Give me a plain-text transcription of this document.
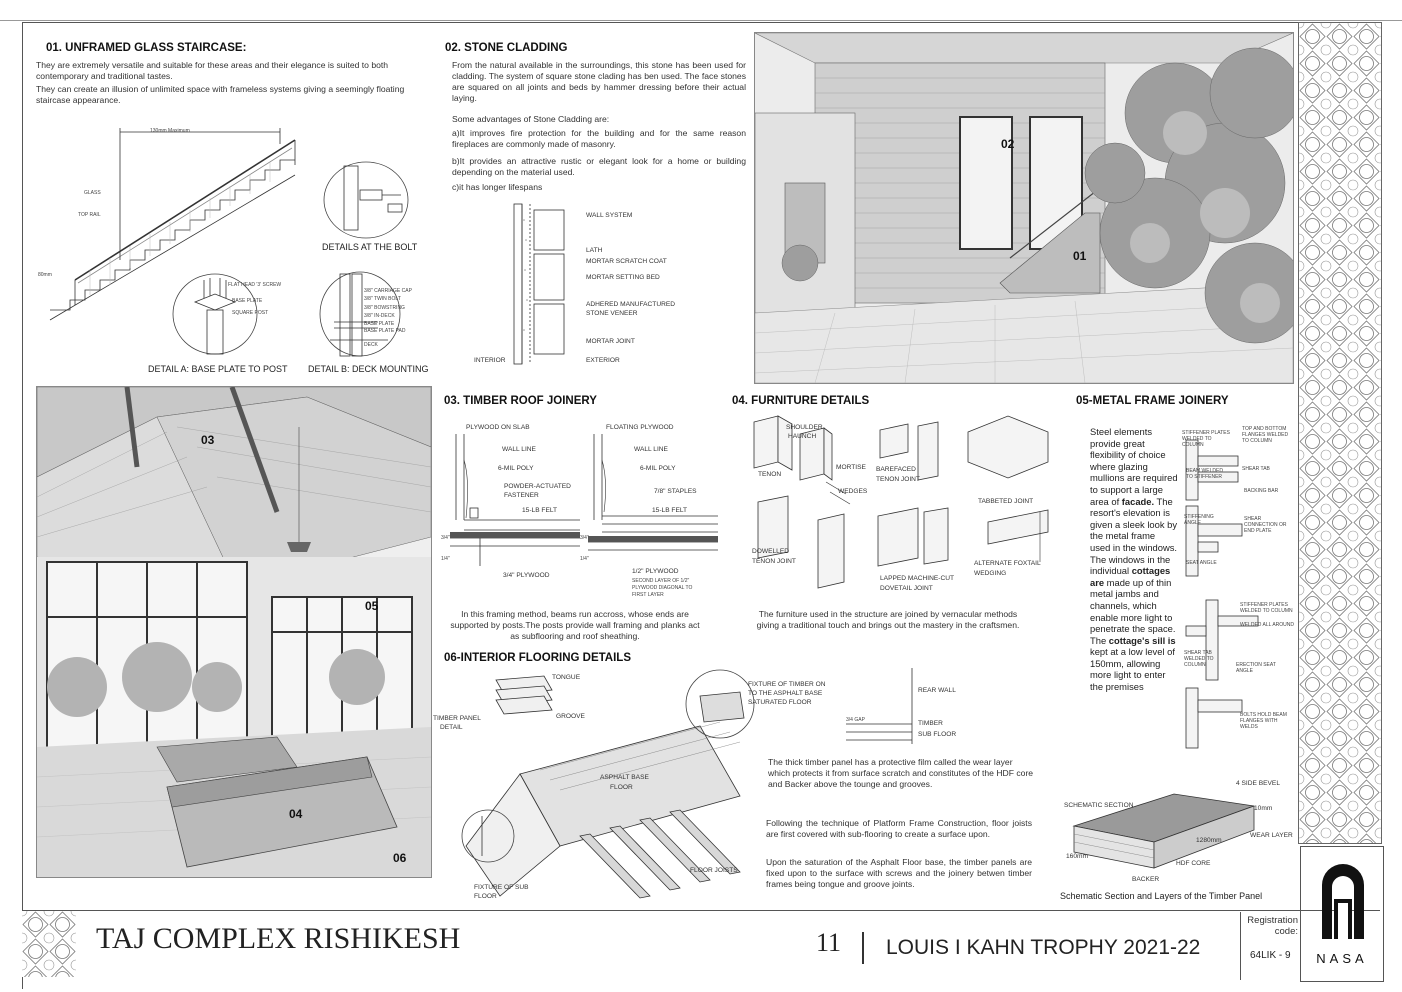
01. UNFRAMED GLASS STAIRCASE:

They are extremely versatile and suitable for these areas and their elegance is suited to both contemporary and traditional tastes.

They can create an illusion of unlimited space with frameless systems giving a seemingly floating staircase appearance.

130mm Maximum
GLASS
TOP RAIL
80mm
DETAILS AT THE BOLT
FLAT HEAD '3' SCREW
BASE PLATE
SQUARE POST
DETAIL A: BASE PLATE TO POST
3/8" CARRIAGE CAP
3/8" TWIN BOLT
3/8" BOWSTRING
3/8" IN-DECK
BASE PLATE
BASE PLATE PAD
DECK
DETAIL B: DECK MOUNTING
02. STONE CLADDING

From the natural available in the surroundings, this stone has been used for cladding. The system of square stone clading has ben used. The face stones are squared on all joints and beds by hammer dressing before their actual laying.

Some advantages of Stone Cladding are:

a)It improves fire protection for the building and for the same reason fireplaces are commonly made of masonry.

b)It provides an attractive rustic or elegant look for a home or building depending on the material used.

c)it has longer lifespans

WALL SYSTEM
LATH
MORTAR SCRATCH COAT
MORTAR SETTING BED
ADHERED MANUFACTURED
STONE VENEER
MORTAR JOINT
INTERIOR	EXTERIOR
02
01
03
05
04
06
03. TIMBER ROOF JOINERY
PLYWOOD ON SLAB
WALL LINE
6-MIL POLY
POWDER-ACTUATED
FASTENER
15-LB FELT
3/4" PLYWOOD
3/4"
1/4"
FLOATING PLYWOOD
WALL LINE
6-MIL POLY
7/8" STAPLES
15-LB FELT
1/2" PLYWOOD
SECOND LAYER OF 1/2"
PLYWOOD DIAGONAL TO
FIRST LAYER
3/4"
1/4"

In this framing method, beams run accross, whose ends are supported by posts.The posts provide wall framing and planks act as subflooring and roof sheathing.

04. FURNITURE DETAILS
SHOULDER
HAUNCH
TENON
MORTISE
WEDGES
BAREFACED
TENON JOINT
TABBETED JOINT
DOWELLED
TENON JOINT
LAPPED MACHINE-CUT
DOVETAIL JOINT
ALTERNATE FOXTAIL
WEDGING

The furniture used in the structure are joined by vernacular methods giving a traditional touch and brings out the mastery in the craftsmen.

05-METAL FRAME JOINERY

Steel elements provide great flexibility of choice where glazing mullions are required to support a large area of facade. The resort's elevation is given a sleek look by the metal frame used in the windows. The windows in the individual cottages are made up of thin metal jambs and channels, which enable more light to penetrate the space. The cottage's sill is kept at a low level of 150mm, allowing more light to enter the premises

STIFFENER PLATES WELDED TO COLUMN
TOP AND BOTTOM FLANGES WELDED TO COLUMN
BEAM WELDED TO STIFFENER
SHEAR TAB
BACKING BAR
STIFFENING ANGLE
SHEAR CONNECTION OR END PLATE
SEAT ANGLE
STIFFENER PLATES WELDED TO COLUMN
WELDED ALL AROUND
SHEAR TAB WELDED TO COLUMN	ERECTION SEAT ANGLE
BOLTS HOLD BEAM FLANGES WITH WELDS
06-INTERIOR FLOORING DETAILS
TONGUE
GROOVE
TIMBER PANEL
DETAIL
FIXTURE OF TIMBER ON
TO THE ASPHALT BASE
SATURATED FLOOR
ASPHALT BASE
FLOOR
FIXTURE OF SUB
FLOOR
FLOOR JOISTS
REAR WALL
3/4 GAP	TIMBER
SUB FLOOR

The thick timber panel has a protective film called the wear layer which protects it from surface scratch and constitutes of the HDF core and Backer above the tounge and grooves.

Following the technique of Platform Frame Construction, floor joists are first covered with sub-flooring to create a surface upon.

Upon the saturation of the Asphalt Floor base, the timber panels are fixed upon to the surface with screws and the joinery betwen timber frames being tongue and groove joints.

SCHEMATIC SECTION
4 SIDE BEVEL
10mm
WEAR LAYER
1280mm
160mm
HDF CORE
BACKER
Schematic Section and Layers of the Timber Panel
TAJ COMPLEX RISHIKESH	11 LOUIS I KAHN TROPHY 2021-22
Registration code:
64LIK - 9	NASA
